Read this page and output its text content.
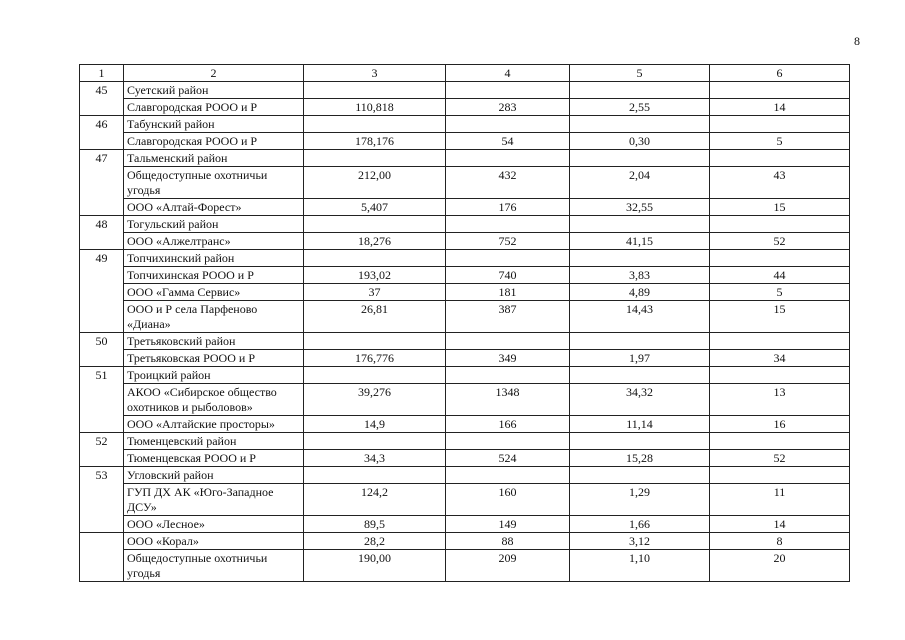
8
1	2	3	4	5	6
45	Суетский район				
	Славгородская РООО и Р	110,818	283	2,55	14
46	Табунский район				
	Славгородская РООО и Р	178,176	54	0,30	5
47	Тальменский район				
	Общедоступные охотничьи угодья	212,00	432	2,04	43
	ООО «Алтай-Форест»	5,407	176	32,55	15
48	Тогульский район				
	ООО «Алжелтранс»	18,276	752	41,15	52
49	Топчихинский район				
	Топчихинская РООО и Р	193,02	740	3,83	44
	ООО «Гамма Сервис»	37	181	4,89	5
	ООО и Р села Парфеново «Диана»	26,81	387	14,43	15
50	Третьяковский район				
	Третьяковская РООО и Р	176,776	349	1,97	34
51	Троицкий район				
	АКОО «Сибирское общество охотников и рыболовов»	39,276	1348	34,32	13
	ООО «Алтайские просторы»	14,9	166	11,14	16
52	Тюменцевский район				
	Тюменцевская РООО и Р	34,3	524	15,28	52
53	Угловский район				
	ГУП ДХ АК «Юго-Западное ДСУ»	124,2	160	1,29	11
	ООО «Лесное»	89,5	149	1,66	14
	ООО «Корал»	28,2	88	3,12	8
	Общедоступные охотничьи угодья	190,00	209	1,10	20
